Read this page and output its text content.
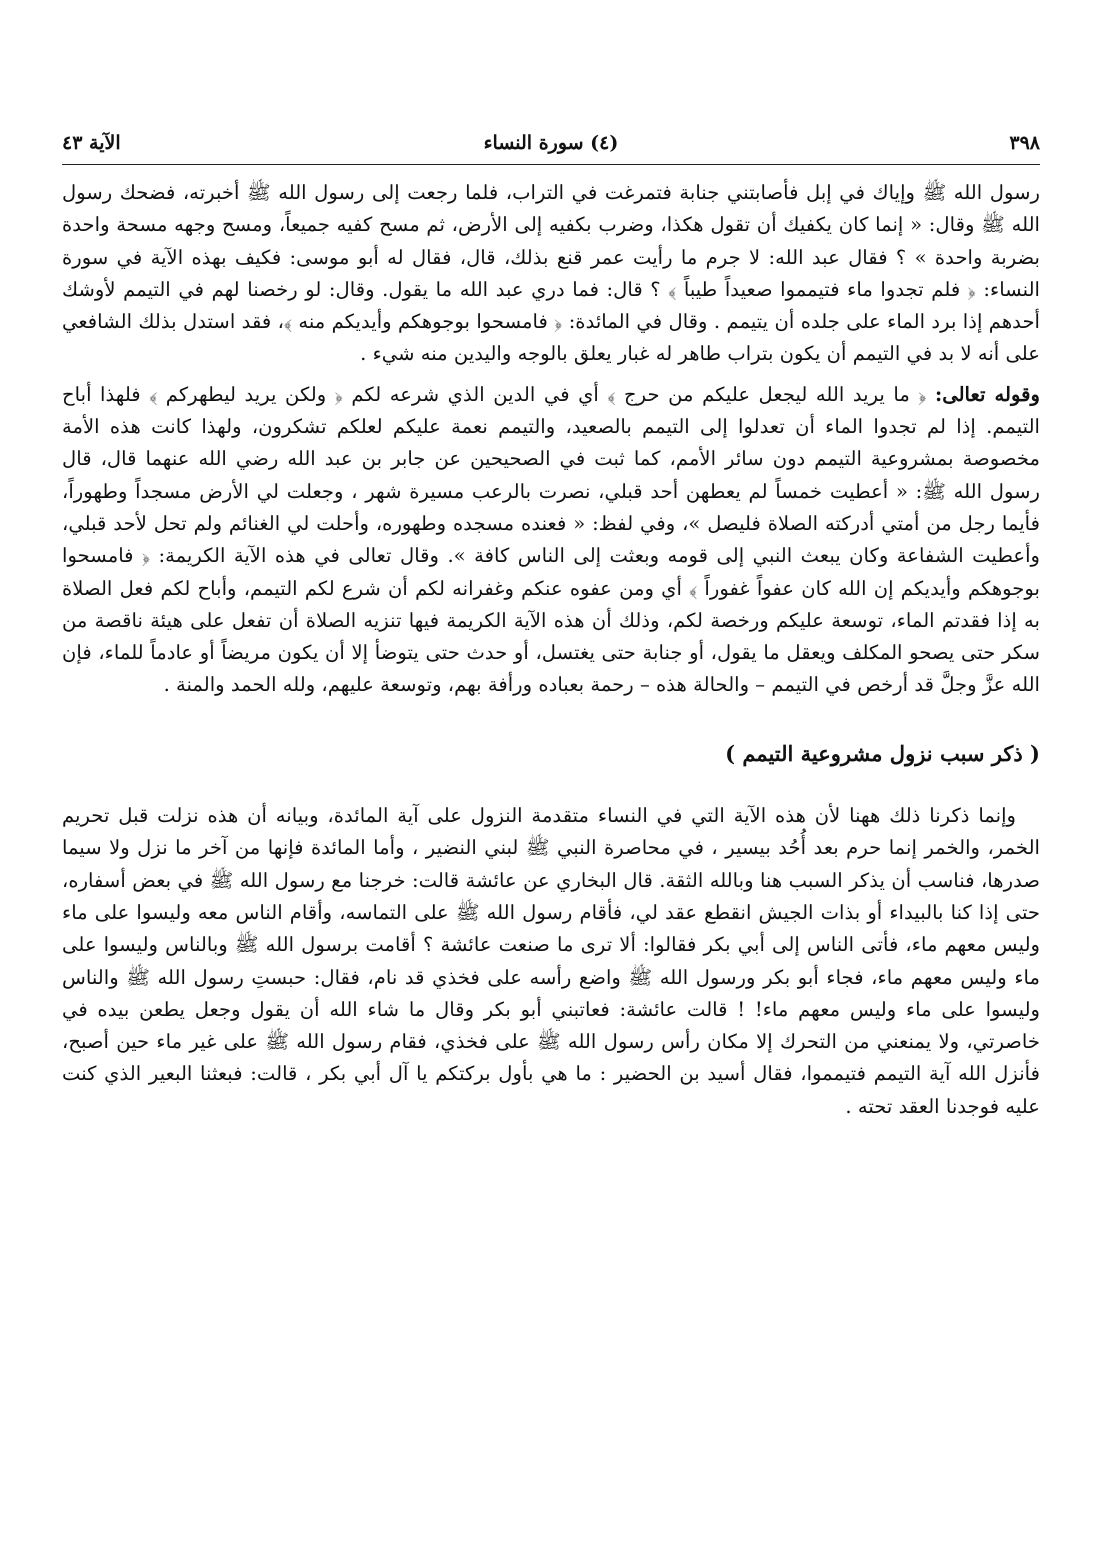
٣٩٨
(٤) سورة النساء
الآية ٤٣

رسول الله ﷺ وإياك في إبل فأصابتني جنابة فتمرغت في التراب، فلما رجعت إلى رسول الله ﷺ أخبرته، فضحك رسول الله ﷺ وقال: « إنما كان يكفيك أن تقول هكذا، وضرب بكفيه إلى الأرض، ثم مسح كفيه جميعاً، ومسح وجهه مسحة واحدة بضربة واحدة » ؟ فقال عبد الله: لا جرم ما رأيت عمر قنع بذلك، قال، فقال له أبو موسى: فكيف بهذه الآية في سورة النساء: ﴿ فلم تجدوا ماء فتيمموا صعيداً طيباً ﴾ ؟ قال: فما دري عبد الله ما يقول. وقال: لو رخصنا لهم في التيمم لأوشك أحدهم إذا برد الماء على جلده أن يتيمم . وقال في المائدة: ﴿ فامسحوا بوجوهكم وأيديكم منه ﴾، فقد استدل بذلك الشافعي على أنه لا بد في التيمم أن يكون بتراب طاهر له غبار يعلق بالوجه واليدين منه شيء .

وقوله تعالى: ﴿ ما يريد الله ليجعل عليكم من حرج ﴾ أي في الدين الذي شرعه لكم ﴿ ولكن يريد ليطهركم ﴾ فلهذا أباح التيمم. إذا لم تجدوا الماء أن تعدلوا إلى التيمم بالصعيد، والتيمم نعمة عليكم لعلكم تشكرون، ولهذا كانت هذه الأمة مخصوصة بمشروعية التيمم دون سائر الأمم، كما ثبت في الصحيحين عن جابر بن عبد الله رضي الله عنهما قال، قال رسول الله ﷺ: « أعطيت خمساً لم يعطهن أحد قبلي، نصرت بالرعب مسيرة شهر ، وجعلت لي الأرض مسجداً وطهوراً، فأيما رجل من أمتي أدركته الصلاة فليصل »، وفي لفظ: « فعنده مسجده وطهوره، وأحلت لي الغنائم ولم تحل لأحد قبلي، وأعطيت الشفاعة وكان يبعث النبي إلى قومه وبعثت إلى الناس كافة ». وقال تعالى في هذه الآية الكريمة: ﴿ فامسحوا بوجوهكم وأيديكم إن الله كان عفواً غفوراً ﴾ أي ومن عفوه عنكم وغفرانه لكم أن شرع لكم التيمم، وأباح لكم فعل الصلاة به إذا فقدتم الماء، توسعة عليكم ورخصة لكم، وذلك أن هذه الآية الكريمة فيها تنزيه الصلاة أن تفعل على هيئة ناقصة من سكر حتى يصحو المكلف ويعقل ما يقول، أو جنابة حتى يغتسل، أو حدث حتى يتوضأ إلا أن يكون مريضاً أو عادماً للماء، فإن الله عزَّ وجلَّ قد أرخص في التيمم – والحالة هذه – رحمة بعباده ورأفة بهم، وتوسعة عليهم، ولله الحمد والمنة .

( ذكر سبب نزول مشروعية التيمم )

وإنما ذكرنا ذلك ههنا لأن هذه الآية التي في النساء متقدمة النزول على آية المائدة، وبيانه أن هذه نزلت قبل تحريم الخمر، والخمر إنما حرم بعد أُحُد بيسير ، في محاصرة النبي ﷺ لبني النضير ، وأما المائدة فإنها من آخر ما نزل ولا سيما صدرها، فناسب أن يذكر السبب هنا وبالله الثقة. قال البخاري عن عائشة قالت: خرجنا مع رسول الله ﷺ في بعض أسفاره، حتى إذا كنا بالبيداء أو بذات الجيش انقطع عقد لي، فأقام رسول الله ﷺ على التماسه، وأقام الناس معه وليسوا على ماء وليس معهم ماء، فأتى الناس إلى أبي بكر فقالوا: ألا ترى ما صنعت عائشة ؟ أقامت برسول الله ﷺ وبالناس وليسوا على ماء وليس معهم ماء، فجاء أبو بكر ورسول الله ﷺ واضع رأسه على فخذي قد نام، فقال: حبستِ رسول الله ﷺ والناس وليسوا على ماء وليس معهم ماء! ! قالت عائشة: فعاتبني أبو بكر وقال ما شاء الله أن يقول وجعل يطعن بيده في خاصرتي، ولا يمنعني من التحرك إلا مكان رأس رسول الله ﷺ على فخذي، فقام رسول الله ﷺ على غير ماء حين أصبح، فأنزل الله آية التيمم فتيمموا، فقال أسيد بن الحضير : ما هي بأول بركتكم يا آل أبي بكر ، قالت: فبعثنا البعير الذي كنت عليه فوجدنا العقد تحته .
